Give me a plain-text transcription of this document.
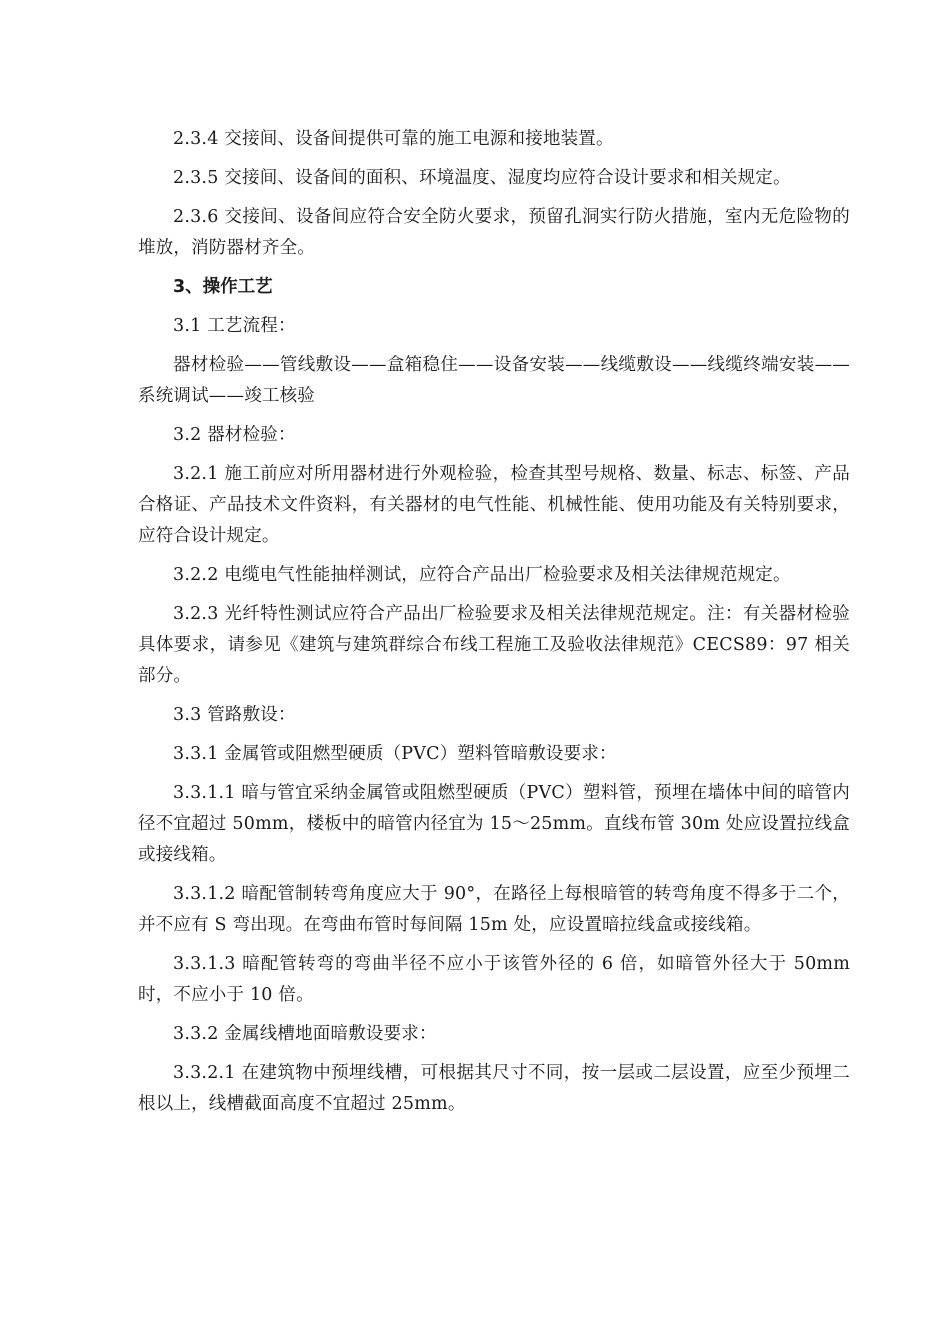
2.3.4 交接间、设备间提供可靠的施工电源和接地装置。

2.3.5 交接间、设备间的面积、环境温度、湿度均应符合设计要求和相关规定。

2.3.6 交接间、设备间应符合安全防火要求，预留孔洞实行防火措施，室内无危险物的堆放，消防器材齐全。

3、操作工艺

3.1 工艺流程：

器材检验——管线敷设——盒箱稳住——设备安装——线缆敷设——线缆终端安装——系统调试——竣工核验

3.2 器材检验：

3.2.1 施工前应对所用器材进行外观检验，检查其型号规格、数量、标志、标签、产品合格证、产品技术文件资料，有关器材的电气性能、机械性能、使用功能及有关特别要求，应符合设计规定。

3.2.2 电缆电气性能抽样测试，应符合产品出厂检验要求及相关法律规范规定。

3.2.3 光纤特性测试应符合产品出厂检验要求及相关法律规范规定。注：有关器材检验具体要求，请参见《建筑与建筑群综合布线工程施工及验收法律规范》CECS89：97 相关部分。

3.3 管路敷设：

3.3.1 金属管或阻燃型硬质（PVC）塑料管暗敷设要求：

3.3.1.1 暗与管宜采纳金属管或阻燃型硬质（PVC）塑料管，预埋在墙体中间的暗管内径不宜超过 50mm，楼板中的暗管内径宜为 15～25mm。直线布管 30m 处应设置拉线盒或接线箱。

3.3.1.2 暗配管制转弯角度应大于 90°，在路径上每根暗管的转弯角度不得多于二个，并不应有 S 弯出现。在弯曲布管时每间隔 15m 处，应设置暗拉线盒或接线箱。

3.3.1.3 暗配管转弯的弯曲半径不应小于该管外径的 6 倍，如暗管外径大于 50mm 时，不应小于 10 倍。

3.3.2 金属线槽地面暗敷设要求：

3.3.2.1 在建筑物中预埋线槽，可根据其尺寸不同，按一层或二层设置，应至少预埋二根以上，线槽截面高度不宜超过 25mm。
